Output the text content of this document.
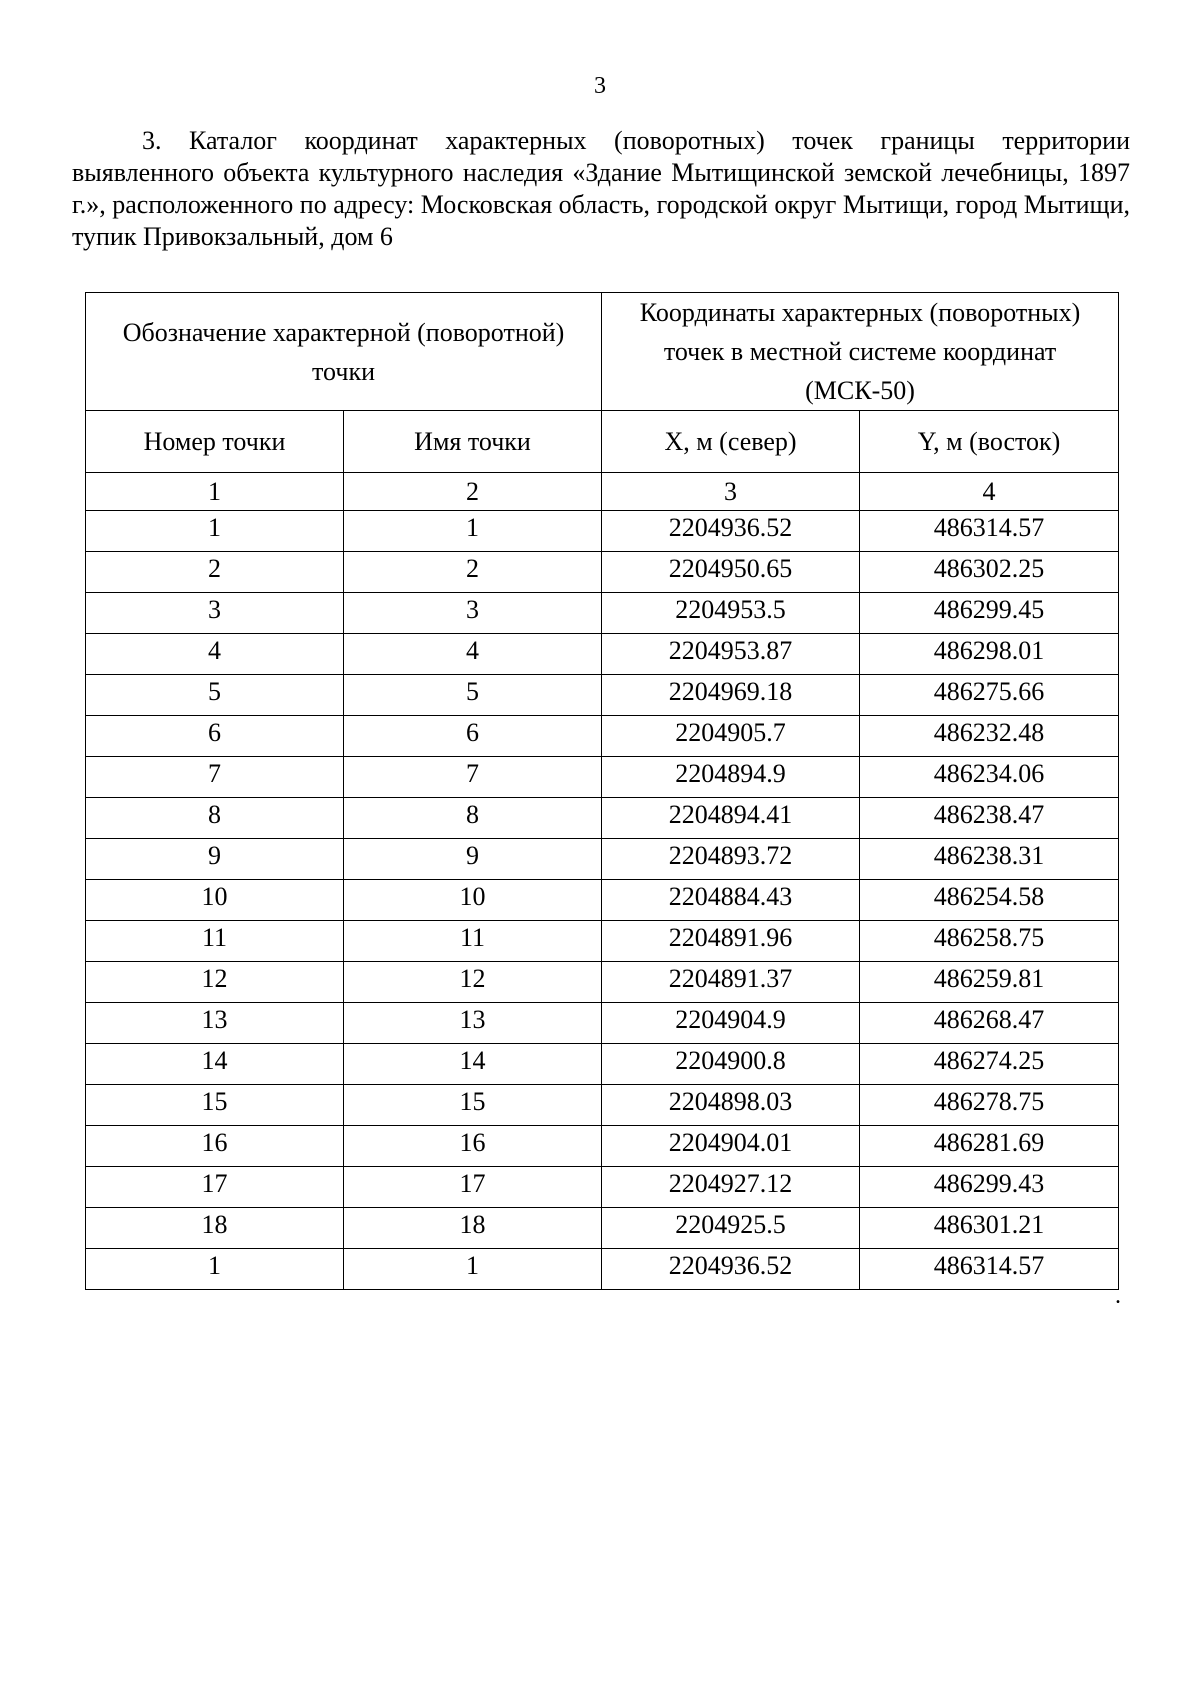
3

3. Каталог координат характерных (поворотных) точек границы территории выявленного объекта культурного наследия «Здание Мытищинской земской лечебницы, 1897 г.», расположенного по адресу: Московская область, городской округ Мытищи, город Мытищи, тупик Привокзальный, дом 6

Обозначение характерной (поворотной) точки		Координаты характерных (поворотных) точек в местной системе координат (МСК-50)	
Номер точки	Имя точки	X, м (север)	Y, м (восток)
1	2	3	4
1	1	2204936.52	486314.57
2	2	2204950.65	486302.25
3	3	2204953.5	486299.45
4	4	2204953.87	486298.01
5	5	2204969.18	486275.66
6	6	2204905.7	486232.48
7	7	2204894.9	486234.06
8	8	2204894.41	486238.47
9	9	2204893.72	486238.31
10	10	2204884.43	486254.58
11	11	2204891.96	486258.75
12	12	2204891.37	486259.81
13	13	2204904.9	486268.47
14	14	2204900.8	486274.25
15	15	2204898.03	486278.75
16	16	2204904.01	486281.69
17	17	2204927.12	486299.43
18	18	2204925.5	486301.21
1	1	2204936.52	486314.57
.
